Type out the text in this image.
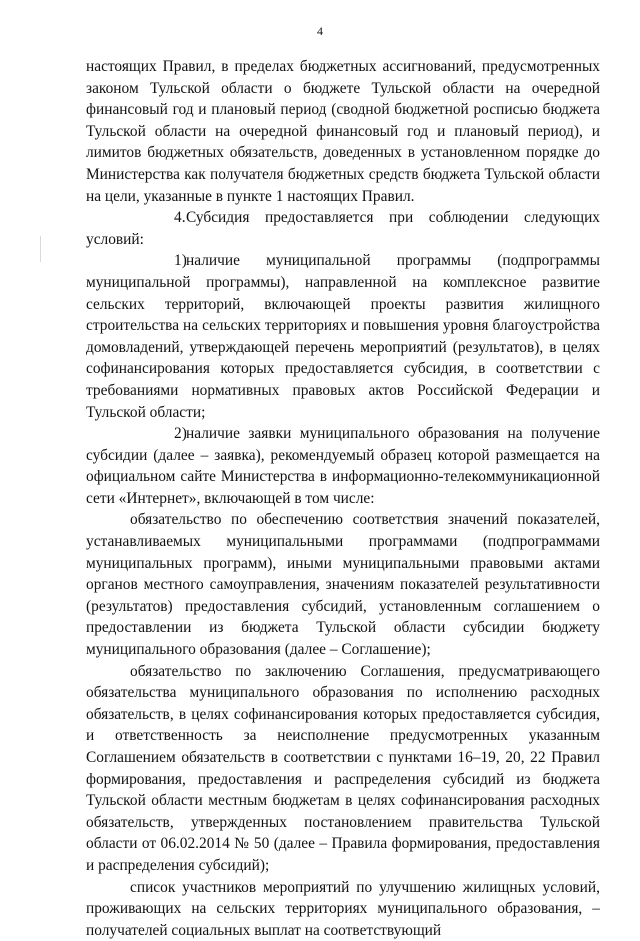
4

настоящих Правил, в пределах бюджетных ассигнований, предусмотренных законом Тульской области о бюджете Тульской области на очередной финансовый год и плановый период (сводной бюджетной росписью бюджета Тульской области на очередной финансовый год и плановый период), и лимитов бюджетных обязательств, доведенных в установленном порядке до Министерства как получателя бюджетных средств бюджета Тульской области на цели, указанные в пункте 1 настоящих Правил.

4.Субсидия предоставляется при соблюдении следующих условий:

1)наличие муниципальной программы (подпрограммы муниципальной программы), направленной на комплексное развитие сельских территорий, включающей проекты развития жилищного строительства на сельских территориях и повышения уровня благоустройства домовладений, утверждающей перечень мероприятий (результатов), в целях софинансирования которых предоставляется субсидия, в соответствии с требованиями нормативных правовых актов Российской Федерации и Тульской области;

2)наличие заявки муниципального образования на получение субсидии (далее – заявка), рекомендуемый образец которой размещается на официальном сайте Министерства в информационно-телекоммуникационной сети «Интернет», включающей в том числе:

обязательство по обеспечению соответствия значений показателей, устанавливаемых муниципальными программами (подпрограммами муниципальных программ), иными муниципальными правовыми актами органов местного самоуправления, значениям показателей результативности (результатов) предоставления субсидий, установленным соглашением о предоставлении из бюджета Тульской области субсидии бюджету муниципального образования (далее – Соглашение);

обязательство по заключению Соглашения, предусматривающего обязательства муниципального образования по исполнению расходных обязательств, в целях софинансирования которых предоставляется субсидия, и ответственность за неисполнение предусмотренных указанным Соглашением обязательств в соответствии с пунктами 16–19, 20, 22 Правил формирования, предоставления и распределения субсидий из бюджета Тульской области местным бюджетам в целях софинансирования расходных обязательств, утвержденных постановлением правительства Тульской области от 06.02.2014 № 50 (далее – Правила формирования, предоставления и распределения субсидий);

список участников мероприятий по улучшению жилищных условий, проживающих на сельских территориях муниципального образования, – получателей социальных выплат на соответствующий
